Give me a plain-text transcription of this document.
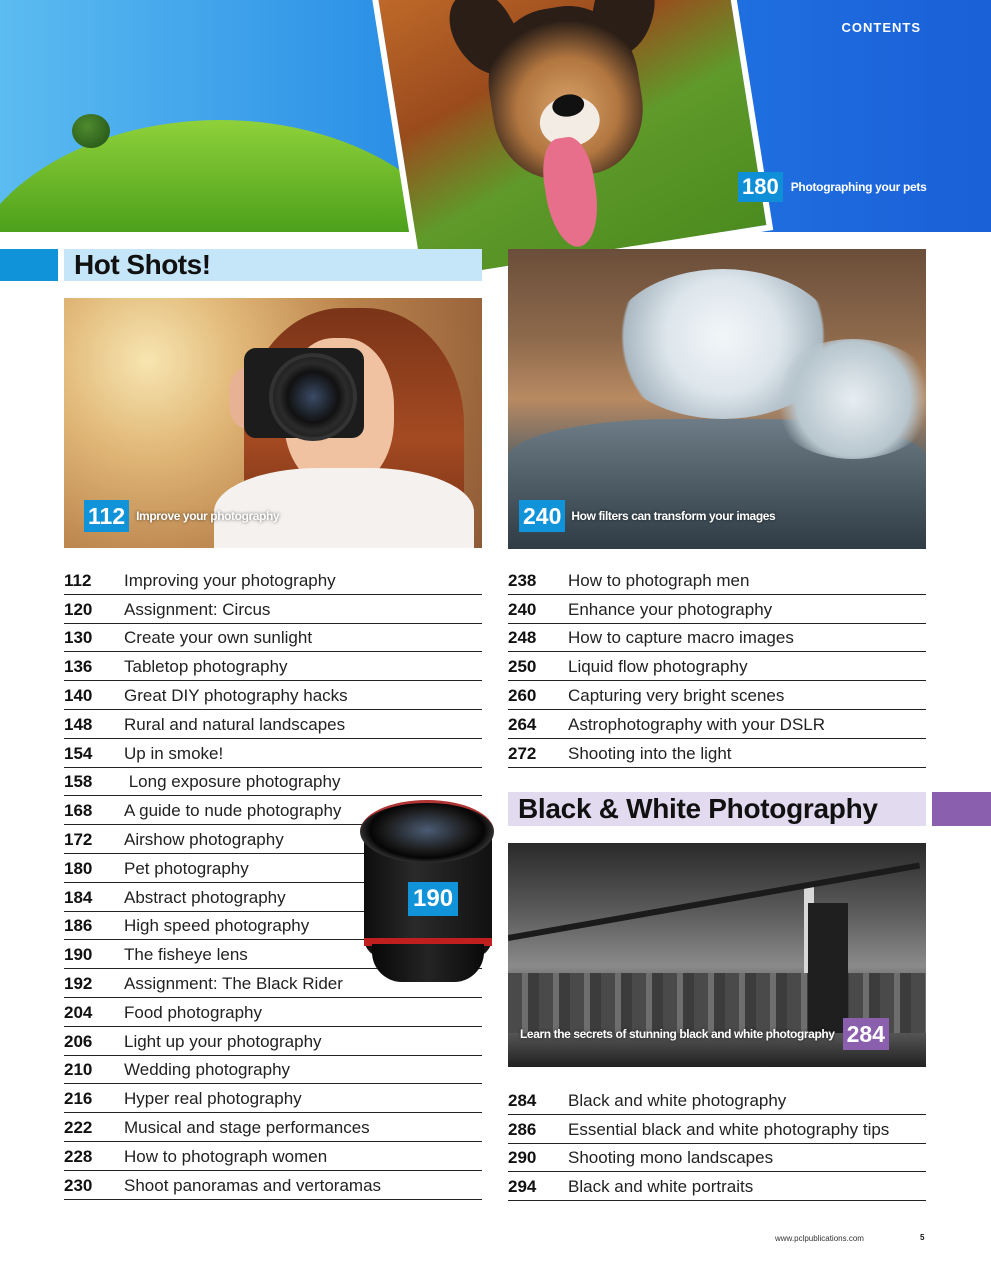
CONTENTS
180	Photographing your pets
Hot Shots!
112 Improve your photography	240 How filters can transform your images
112	Improving your photography
120	Assignment: Circus
130	Create your own sunlight
136	Tabletop photography
140	Great DIY photography hacks
148	Rural and natural landscapes
154	Up in smoke!
158	Long exposure photography
168	A guide to nude photography
172	Airshow photography
180	Pet photography
184	Abstract photography
186	High speed photography
190	The fisheye lens
192	Assignment: The Black Rider
204	Food photography
206	Light up your photography
210	Wedding photography
216	Hyper real photography
222	Musical and stage performances
228	How to photograph women
230	Shoot panoramas and vertoramas
190
238	How to photograph men
240	Enhance your photography
248	How to capture macro images
250	Liquid flow photography
260	Capturing very bright scenes
264	Astrophotography with your DSLR
272	Shooting into the light
Black & White Photography
Learn the secrets of stunning black and white photography 284
284	Black and white photography
286	Essential black and white photography tips
290	Shooting mono landscapes
294	Black and white portraits
www.pclpublications.com	5
